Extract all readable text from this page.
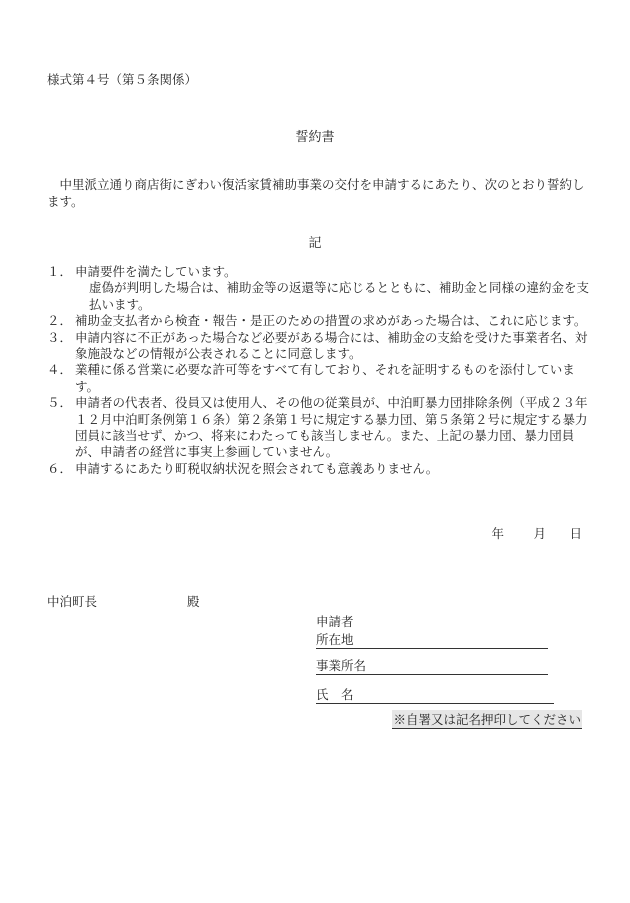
様式第４号（第５条関係）
誓約書
　中里派立通り商店街にぎわい復活家賃補助事業の交付を申請するにあたり、次のとおり誓約します。
記
１． 申請要件を満たしています。
虚偽が判明した場合は、補助金等の返還等に応じるとともに、補助金と同様の違約金を支払います。
２． 補助金支払者から検査・報告・是正のための措置の求めがあった場合は、これに応じます。
３． 申請内容に不正があった場合など必要がある場合には、補助金の支給を受けた事業者名、対象施設などの情報が公表されることに同意します。
４． 業種に係る営業に必要な許可等をすべて有しており、それを証明するものを添付しています。
５． 申請者の代表者、役員又は使用人、その他の従業員が、中泊町暴力団排除条例（平成２３年１２月中泊町条例第１６条）第２条第１号に規定する暴力団、第５条第２号に規定する暴力団員に該当せず、かつ、将来にわたっても該当しません。また、上記の暴力団、暴力団員が、申請者の経営に事実上参画していません。
６． 申請するにあたり町税収納状況を照会されても意義ありません。
年	月	日
中泊町長	殿
申請者
所在地
事業所名
氏　名
※自署又は記名押印してください
